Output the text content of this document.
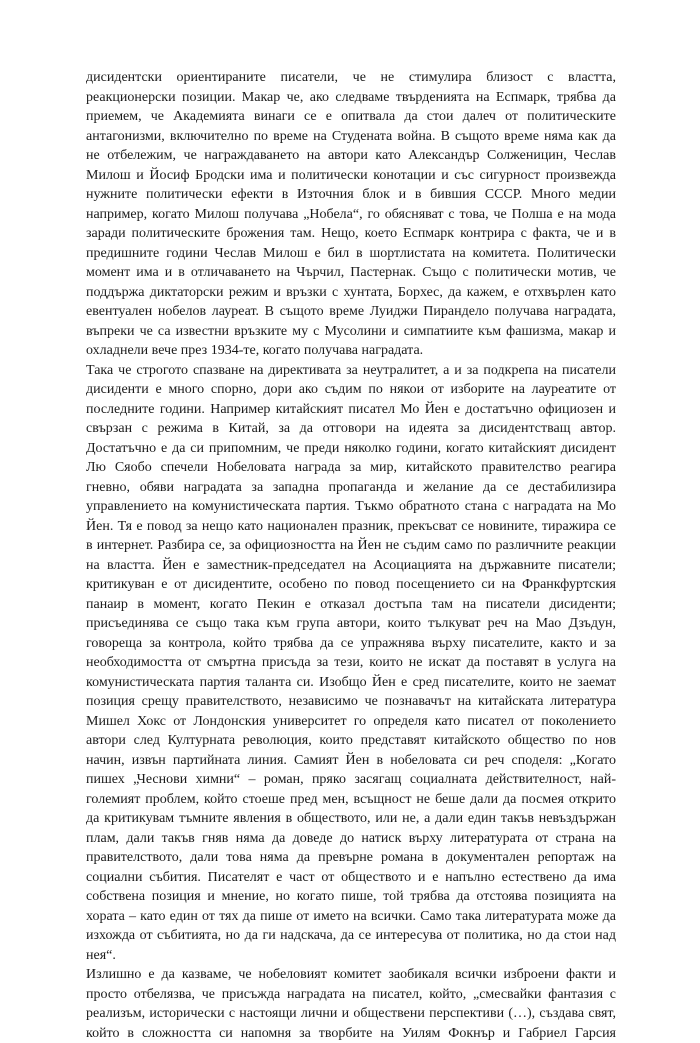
дисидентски ориентираните писатели, че не стимулира близост с властта,
реакционерски позиции. Макар че, ако следваме твърденията на Еспмарк, трябва да
приемем, че Академията винаги се е опитвала да стои далеч от политическите
антагонизми, включително по време на Студената война. В същото време няма как да
не отбележим, че награждаването на автори като Александър Солженицин, Чеслав
Милош и Йосиф Бродски има и политически конотации и със сигурност произвежда
нужните политически ефекти в Източния блок и в бившия СССР. Много медии
например, когато Милош получава „Нобела“, го обясняват с това, че Полша е на мода
заради политическите брожения там. Нещо, което Еспмарк контрира с факта, че и в
предишните години Чеслав Милош е бил в шортлистата на комитета. Политически
момент има и в отличаването на Чърчил, Пастернак. Също с политически мотив, че
поддържа диктаторски режим и връзки с хунтата, Борхес, да кажем, е отхвърлен като
евентуален нобелов лауреат. В същото време Луиджи Пирандело получава наградата,
въпреки че са известни връзките му с Мусолини и симпатиите към фашизма, макар и
охладнели вече през 1934-те, когато получава наградата.
Така че строгото спазване на директивата за неутралитет, а и за подкрепа на писатели
дисиденти е много спорно, дори ако съдим по някои от изборите на лауреатите от
последните години. Например китайският писател Мо Йен е достатъчно официозен и
свързан с режима в Китай, за да отговори на идеята за дисидентстващ автор.
Достатъчно е да си припомним, че преди няколко години, когато китайският дисидент
Лю Сяобо спечели Нобеловата награда за мир, китайското правителство реагира
гневно, обяви наградата за западна пропаганда и желание да се дестабилизира
управлението на комунистическата партия. Тъкмо обратното стана с наградата на Мо
Йен. Тя е повод за нещо като национален празник, прекъсват се новините, тиражира се
в интернет. Разбира се, за официозността на Йен не съдим само по различните реакции
на властта. Йен е заместник-председател на Асоциацията на държавните писатели;
критикуван е от дисидентите, особено по повод посещението си на Франкфуртския
панаир в момент, когато Пекин е отказал достъпа там на писатели дисиденти;
присъединява се също така към група автори, които тълкуват реч на Мао Дзъдун,
говореща за контрола, който трябва да се упражнява върху писателите, както и за
необходимостта от смъртна присъда за тези, които не искат да поставят в услуга на
комунистическата партия таланта си. Изобщо Йен е сред писателите, които не заемат
позиция срещу правителството, независимо че познавачът на китайската литература
Мишел Хокс от Лондонския университет го определя като писател от поколението
автори след Културната революция, които представят китайското общество по нов
начин, извън партийната линия. Самият Йен в нобеловата си реч споделя: „Когато
пишех „Чеснови химни“ – роман, пряко засягащ социалната действителност, най-
големият проблем, който стоеше пред мен, всъщност не беше дали да посмея открито
да критикувам тъмните явления в обществото, или не, а дали един такъв невъздържан
плам, дали такъв гняв няма да доведе до натиск върху литературата от страна на
правителството, дали това няма да превърне романа в документален репортаж на
социални събития. Писателят е част от обществото и е напълно естествено да има
собствена позиция и мнение, но когато пише, той трябва да отстоява позицията на
хората – като един от тях да пише от името на всички. Само така литературата може да
изхожда от събитията, но да ги надскача, да се интересува от политика, но да стои над
нея“.
Излишно е да казваме, че нобеловият комитет заобикаля всички изброени факти и
просто отбелязва, че присъжда наградата на писател, който, „смесвайки фантазия с
реализъм, исторически с настоящи лични и обществени перспективи (…), създава свят,
който в сложността си напомня за творбите на Уилям Фокнър и Габриел Гарсия
